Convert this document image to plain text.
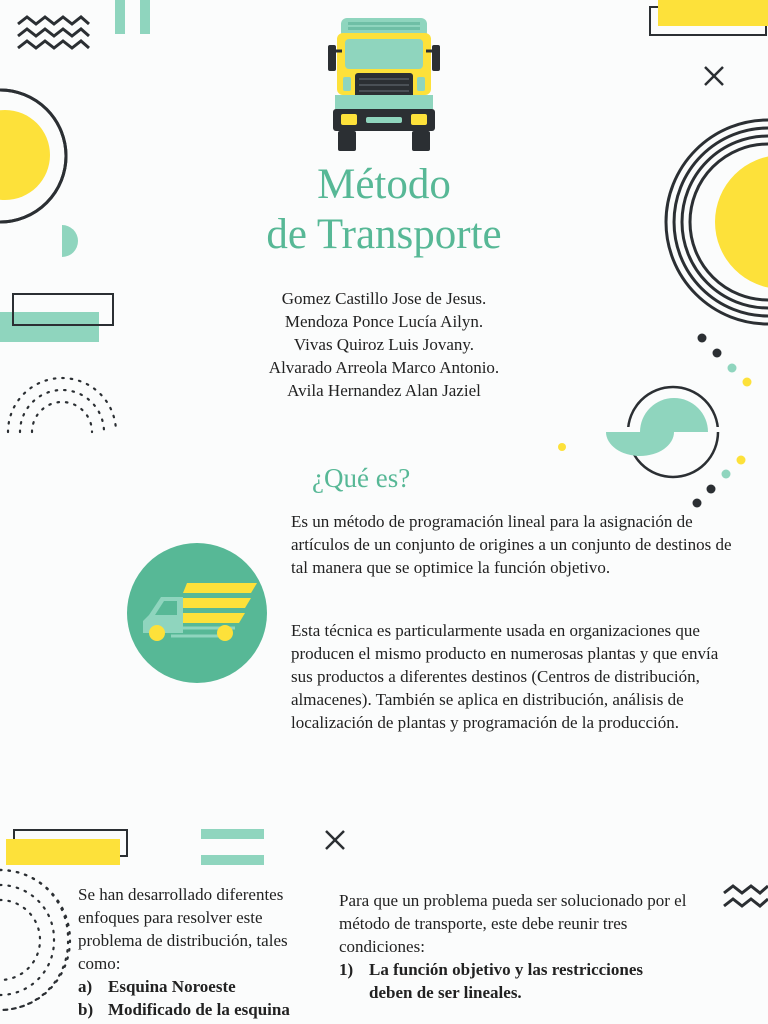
Método
de Transporte
Gomez Castillo Jose de Jesus.
Mendoza Ponce Lucía Ailyn.
Vivas Quiroz Luis Jovany.
Alvarado Arreola Marco Antonio.
Avila Hernandez Alan Jaziel
¿Qué es?
Es un método de programación lineal para la asignación de artículos de un conjunto de origines a un conjunto de destinos de tal manera que se optimice la función objetivo.
Esta técnica es particularmente usada en organizaciones que producen el mismo producto en numerosas plantas y que envía sus productos a diferentes destinos (Centros de distribución, almacenes). También se aplica en distribución, análisis de localización de plantas y programación de la producción.
Se han desarrollado diferentes enfoques para resolver este problema de distribución, tales como:
a) Esquina Noroeste
b) Modificado de la esquina
Para que un problema pueda ser solucionado por el método de transporte, este debe reunir tres condiciones:
1) La función objetivo y las restricciones deben de ser lineales.
